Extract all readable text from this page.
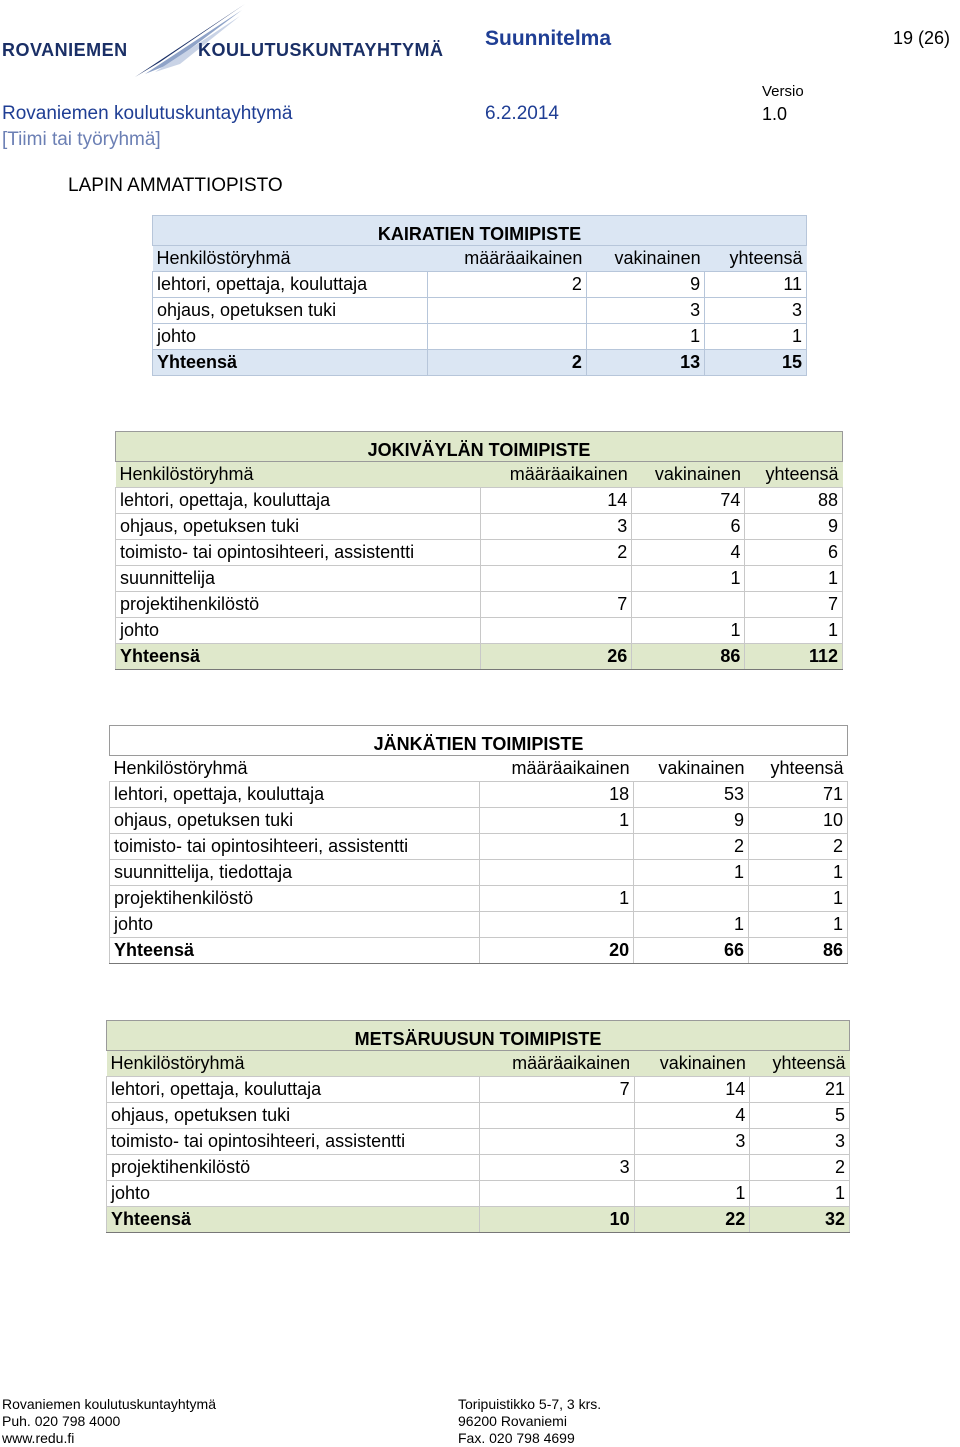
ROVANIEMEN	KOULUTUSKUNTAYHTYMÄ Suunnitelma	19 (26)
Rovaniemen koulutuskuntayhtymä	6.2.2014
Versio
1.0
[Tiimi tai työryhmä]
LAPIN AMMATTIOPISTO
KAIRATIEN TOIMIPISTE			
Henkilöstöryhmä	määräaikainen	vakinainen	yhteensä
lehtori, opettaja, kouluttaja	2	9	11
ohjaus, opetuksen tuki		3	3
johto		1	1
Yhteensä	2	13	15
JOKIVÄYLÄN TOIMIPISTE			
Henkilöstöryhmä	määräaikainen	vakinainen	yhteensä
lehtori, opettaja, kouluttaja	14	74	88
ohjaus, opetuksen tuki	3	6	9
toimisto- tai opintosihteeri, assistentti	2	4	6
suunnittelija		1	1
projektihenkilöstö	7		7
johto		1	1
Yhteensä	26	86	112
JÄNKÄTIEN TOIMIPISTE			
Henkilöstöryhmä	määräaikainen	vakinainen	yhteensä
lehtori, opettaja, kouluttaja	18	53	71
ohjaus, opetuksen tuki	1	9	10
toimisto- tai opintosihteeri, assistentti		2	2
suunnittelija, tiedottaja		1	1
projektihenkilöstö	1		1
johto		1	1
Yhteensä	20	66	86
METSÄRUUSUN TOIMIPISTE			
Henkilöstöryhmä	määräaikainen	vakinainen	yhteensä
lehtori, opettaja, kouluttaja	7	14	21
ohjaus, opetuksen tuki		4	5
toimisto- tai opintosihteeri, assistentti		3	3
projektihenkilöstö	3		2
johto		1	1
Yhteensä	10	22	32
Rovaniemen koulutuskuntayhtymä
Puh. 020 798 4000
www.redu.fi
Toripuistikko 5-7, 3 krs.
96200 Rovaniemi
Fax. 020 798 4699
